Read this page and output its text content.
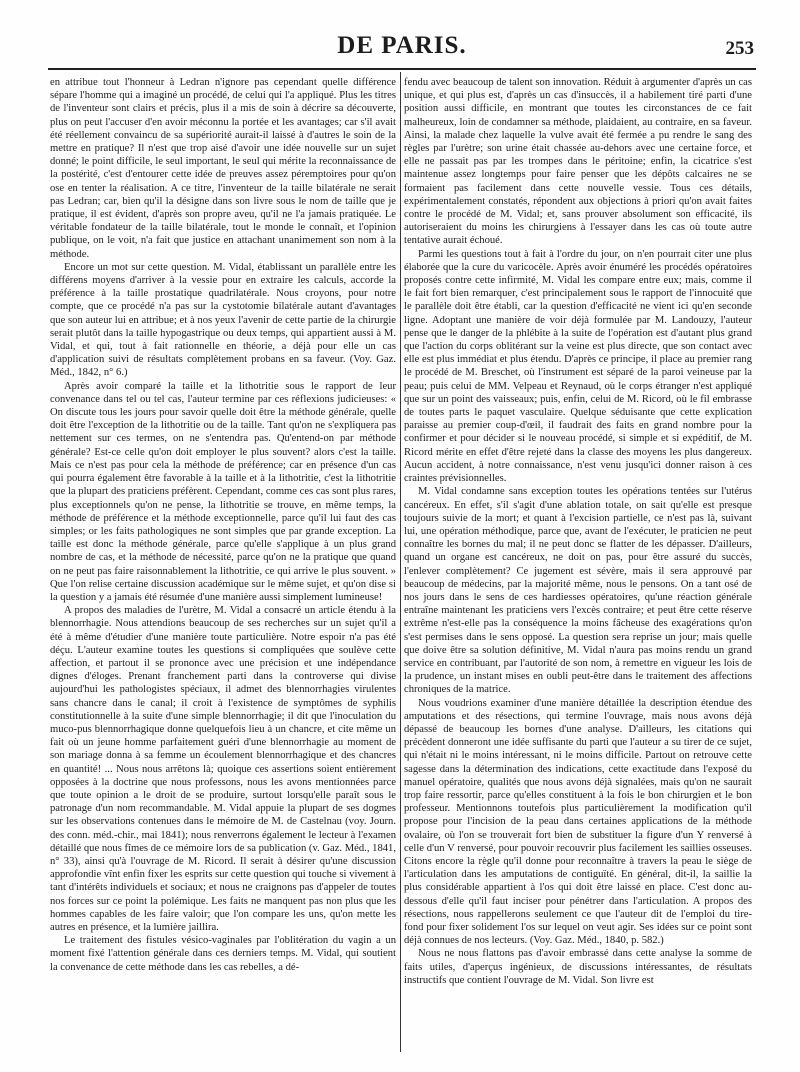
DE PARIS.	253

en attribue tout l'honneur à Ledran n'ignore pas cependant quelle différence sépare l'homme qui a imaginé un procédé, de celui qui l'a appliqué. Plus les titres de l'inventeur sont clairs et précis, plus il a mis de soin à décrire sa découverte, plus on peut l'accuser d'en avoir méconnu la portée et les avantages; car s'il avait été réellement convaincu de sa supériorité aurait-il laissé à d'autres le soin de la mettre en pratique? Il n'est que trop aisé d'avoir une idée nouvelle sur un sujet donné; le point difficile, le seul important, le seul qui mérite la reconnaissance de la postérité, c'est d'entourer cette idée de preuves assez péremptoires pour qu'on ose en tenter la réalisation. A ce titre, l'inventeur de la taille bilatérale ne serait pas Ledran; car, bien qu'il la désigne dans son livre sous le nom de taille que je pratique, il est évident, d'après son propre aveu, qu'il ne l'a jamais pratiquée. Le véritable fondateur de la taille bilatérale, tout le monde le connaît, et l'opinion publique, on le voit, n'a fait que justice en attachant unanimement son nom à la méthode.

Encore un mot sur cette question. M. Vidal, établissant un parallèle entre les différens moyens d'arriver à la vessie pour en extraire les calculs, accorde la préférence à la taille prostatique quadrilatérale. Nous croyons, pour notre compte, que ce procédé n'a pas sur la cystotomie bilatérale autant d'avantages que son auteur lui en attribue; et à nos yeux l'avenir de cette partie de la chirurgie serait plutôt dans la taille hypogastrique ou deux temps, qui appartient aussi à M. Vidal, et qui, tout à fait rationnelle en théorie, a déjà pour elle un cas d'application suivi de résultats complètement probans en sa faveur. (Voy. Gaz. Méd., 1842, n° 6.)

Après avoir comparé la taille et la lithotritie sous le rapport de leur convenance dans tel ou tel cas, l'auteur termine par ces réflexions judicieuses: « On discute tous les jours pour savoir quelle doit être la méthode générale, quelle doit être l'exception de la lithotritie ou de la taille. Tant qu'on ne s'expliquera pas nettement sur ces termes, on ne s'entendra pas. Qu'entend-on par méthode générale? Est-ce celle qu'on doit employer le plus souvent? alors c'est la taille. Mais ce n'est pas pour cela la méthode de préférence; car en présence d'un cas qui pourra également être favorable à la taille et à la lithotritie, c'est la lithotritie que la plupart des praticiens préfèrent. Cependant, comme ces cas sont plus rares, plus exceptionnels qu'on ne pense, la lithotritie se trouve, en même temps, la méthode de préférence et la méthode exceptionnelle, parce qu'il lui faut des cas simples; or les faits pathologiques ne sont simples que par grande exception. La taille est donc la méthode générale, parce qu'elle s'applique à un plus grand nombre de cas, et la méthode de nécessité, parce qu'on ne la pratique que quand on ne peut pas faire raisonnablement la lithotritie, ce qui arrive le plus souvent. » Que l'on relise certaine discussion académique sur le même sujet, et qu'on dise si la question y a jamais été résumée d'une manière aussi simplement lumineuse!

A propos des maladies de l'urètre, M. Vidal a consacré un article étendu à la blennorrhagie. Nous attendions beaucoup de ses recherches sur un sujet qu'il a été à même d'étudier d'une manière toute particulière. Notre espoir n'a pas été déçu. L'auteur examine toutes les questions si compliquées que soulève cette affection, et partout il se prononce avec une précision et une indépendance dignes d'éloges. Prenant franchement parti dans la controverse qui divise aujourd'hui les pathologistes spéciaux, il admet des blennorrhagies virulentes sans chancre dans le canal; il croit à l'existence de symptômes de syphilis constitutionnelle à la suite d'une simple blennorrhagie; il dit que l'inoculation du muco-pus blennorrhagique donne quelquefois lieu à un chancre, et cite même un fait où un jeune homme parfaitement guéri d'une blennorrhagie au moment de son mariage donna à sa femme un écoulement blennorrhagique et des chancres en quantité! ... Nous nous arrêtons là; quoique ces assertions soient entièrement opposées à la doctrine que nous professons, nous les avons mentionnées parce que toute opinion a le droit de se produire, surtout lorsqu'elle paraît sous le patronage d'un nom recommandable. M. Vidal appuie la plupart de ses dogmes sur les observations contenues dans le mémoire de M. de Castelnau (voy. Journ. des conn. méd.-chir., mai 1841); nous renverrons également le lecteur à l'examen détaillé que nous fîmes de ce mémoire lors de sa publication (v. Gaz. Méd., 1841, n° 33), ainsi qu'à l'ouvrage de M. Ricord. Il serait à désirer qu'une discussion approfondie vînt enfin fixer les esprits sur cette question qui touche si vivement à tant d'intérêts individuels et sociaux; et nous ne craignons pas d'appeler de toutes nos forces sur ce point la polémique. Les faits ne manquent pas non plus que les hommes capables de les faire valoir; que l'on compare les uns, qu'on mette les autres en présence, et la lumière jaillira.

Le traitement des fistules vésico-vaginales par l'oblitération du vagin a un moment fixé l'attention générale dans ces derniers temps. M. Vidal, qui soutient la convenance de cette méthode dans les cas rebelles, a dé-

fendu avec beaucoup de talent son innovation. Réduit à argumenter d'après un cas unique, et qui plus est, d'après un cas d'insuccès, il a habilement tiré parti d'une position aussi difficile, en montrant que toutes les circonstances de ce fait malheureux, loin de condamner sa méthode, plaidaient, au contraire, en sa faveur. Ainsi, la malade chez laquelle la vulve avait été fermée a pu rendre le sang des règles par l'urètre; son urine était chassée au-dehors avec une certaine force, et elle ne passait pas par les trompes dans le péritoine; enfin, la cicatrice s'est maintenue assez longtemps pour faire penser que les dépôts calcaires ne se formaient pas facilement dans cette nouvelle vessie. Tous ces détails, expérimentalement constatés, répondent aux objections à priori qu'on avait faites contre le procédé de M. Vidal; et, sans prouver absolument son efficacité, ils autoriseraient du moins les chirurgiens à l'essayer dans les cas où toute autre tentative aurait échoué.

Parmi les questions tout à fait à l'ordre du jour, on n'en pourrait citer une plus élaborée que la cure du varicocèle. Après avoir énuméré les procédés opératoires proposés contre cette infirmité, M. Vidal les compare entre eux; mais, comme il le fait fort bien remarquer, c'est principalement sous le rapport de l'innocuité que le parallèle doit être établi, car la question d'efficacité ne vient ici qu'en seconde ligne. Adoptant une manière de voir déjà formulée par M. Landouzy, l'auteur pense que le danger de la phlébite à la suite de l'opération est d'autant plus grand que l'action du corps oblitérant sur la veine est plus directe, que son contact avec elle est plus immédiat et plus étendu. D'après ce principe, il place au premier rang le procédé de M. Breschet, où l'instrument est séparé de la paroi veineuse par la peau; puis celui de MM. Velpeau et Reynaud, où le corps étranger n'est appliqué que sur un point des vaisseaux; puis, enfin, celui de M. Ricord, où le fil embrasse de toutes parts le paquet vasculaire. Quelque séduisante que cette explication paraisse au premier coup-d'œil, il faudrait des faits en grand nombre pour la confirmer et pour décider si le nouveau procédé, si simple et si expéditif, de M. Ricord mérite en effet d'être rejeté dans la classe des moyens les plus dangereux. Aucun accident, à notre connaissance, n'est venu jusqu'ici donner raison à ces craintes prévisionnelles.

M. Vidal condamne sans exception toutes les opérations tentées sur l'utérus cancéreux. En effet, s'il s'agit d'une ablation totale, on sait qu'elle est presque toujours suivie de la mort; et quant à l'excision partielle, ce n'est pas là, suivant lui, une opération méthodique, parce que, avant de l'exécuter, le praticien ne peut connaître les bornes du mal; il ne peut donc se flatter de les dépasser. D'ailleurs, quand un organe est cancéreux, ne doit on pas, pour être assuré du succès, l'enlever complètement? Ce jugement est sévère, mais il sera approuvé par beaucoup de médecins, par la majorité même, nous le pensons. On a tant osé de nos jours dans le sens de ces hardiesses opératoires, qu'une réaction générale entraîne maintenant les praticiens vers l'excès contraire; et peut être cette réserve extrême n'est-elle pas la conséquence la moins fâcheuse des exagérations qu'on s'est permises dans le sens opposé. La question sera reprise un jour; mais quelle que doive être sa solution définitive, M. Vidal n'aura pas moins rendu un grand service en contribuant, par l'autorité de son nom, à remettre en vigueur les lois de la prudence, un instant mises en oubli peut-être dans le traitement des affections chroniques de la matrice.

Nous voudrions examiner d'une manière détaillée la description étendue des amputations et des résections, qui termine l'ouvrage, mais nous avons déjà dépassé de beaucoup les bornes d'une analyse. D'ailleurs, les citations qui précèdent donneront une idée suffisante du parti que l'auteur a su tirer de ce sujet, qui n'était ni le moins intéressant, ni le moins difficile. Partout on retrouve cette sagesse dans la détermination des indications, cette exactitude dans l'exposé du manuel opératoire, qualités que nous avons déjà signalées, mais qu'on ne saurait trop faire ressortir, parce qu'elles constituent à la fois le bon chirurgien et le bon professeur. Mentionnons toutefois plus particulièrement la modification qu'il propose pour l'incision de la peau dans certaines applications de la méthode ovalaire, où l'on se trouverait fort bien de substituer la figure d'un Y renversé à celle d'un V renversé, pour pouvoir recouvrir plus facilement les saillies osseuses. Citons encore la règle qu'il donne pour reconnaître à travers la peau le siège de l'articulation dans les amputations de contiguïté. En général, dit-il, la saillie la plus considérable appartient à l'os qui doit être laissé en place. C'est donc au-dessous d'elle qu'il faut inciser pour pénétrer dans l'articulation. A propos des résections, nous rappellerons seulement ce que l'auteur dit de l'emploi du tire-fond pour fixer solidement l'os sur lequel on veut agir. Ses idées sur ce point sont déjà connues de nos lecteurs. (Voy. Gaz. Méd., 1840, p. 582.)

Nous ne nous flattons pas d'avoir embrassé dans cette analyse la somme de faits utiles, d'aperçus ingénieux, de discussions intéressantes, de résultats instructifs que contient l'ouvrage de M. Vidal. Son livre est
